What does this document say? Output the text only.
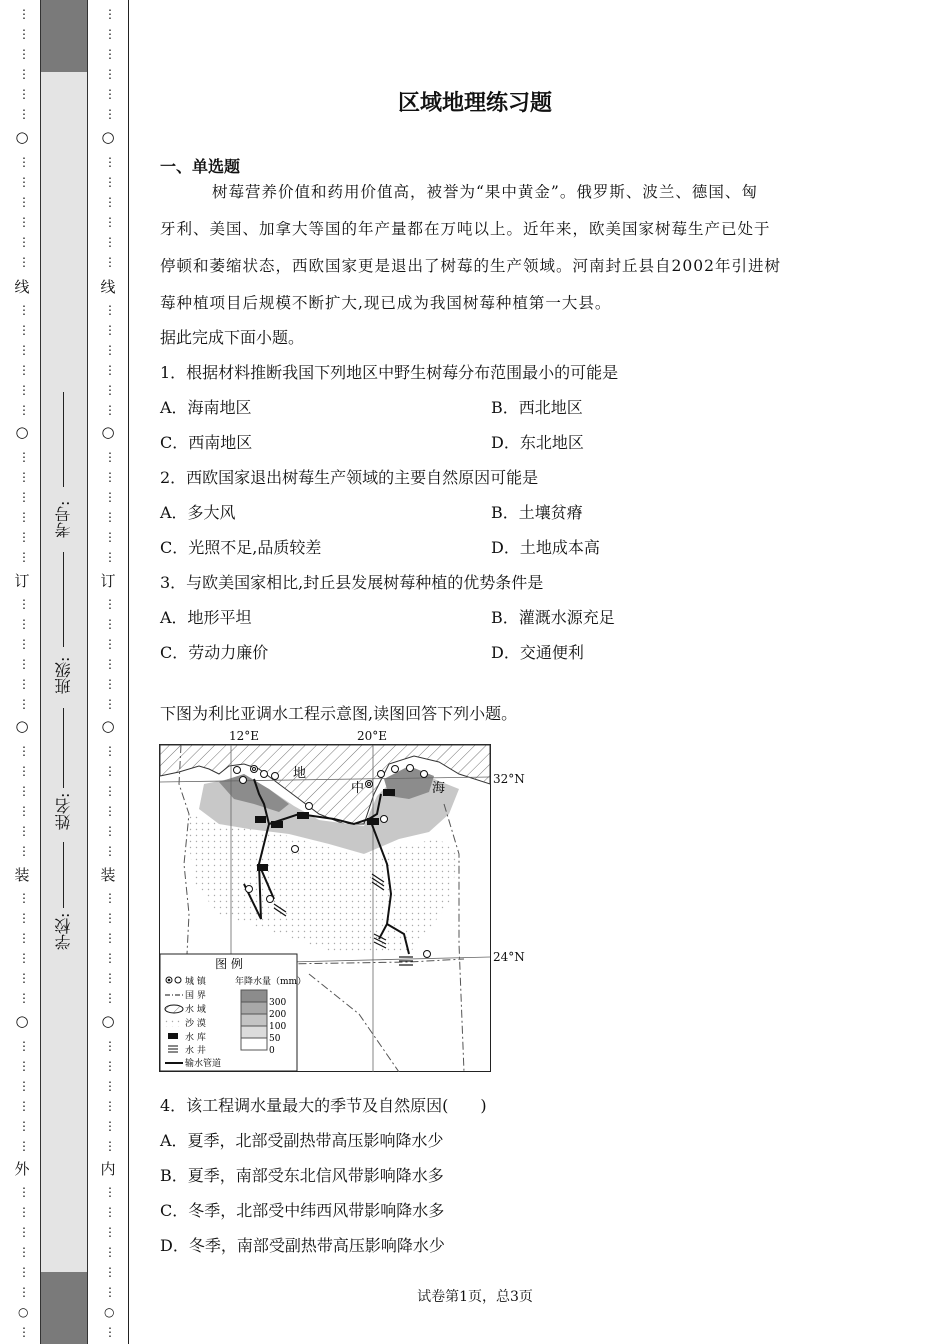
⋮
⋮
⋮
⋮
⋮
⋮
○
⋮
⋮
⋮
⋮
⋮
⋮
线
⋮
⋮
⋮
⋮
⋮
⋮
○
⋮
⋮
⋮
⋮
⋮
⋮
订
⋮
⋮
⋮
⋮
⋮
⋮
○
⋮
⋮
⋮
⋮
⋮
⋮
装
⋮
⋮
⋮
⋮
⋮
⋮
○
⋮
⋮
⋮
⋮
⋮
⋮
外
⋮
⋮
⋮
⋮
⋮
⋮
○
⋮
考号:
班级:
姓名:
学校:
⋮
⋮
⋮
⋮
⋮
⋮
○
⋮
⋮
⋮
⋮
⋮
⋮
线
⋮
⋮
⋮
⋮
⋮
⋮
○
⋮
⋮
⋮
⋮
⋮
⋮
订
⋮
⋮
⋮
⋮
⋮
⋮
○
⋮
⋮
⋮
⋮
⋮
⋮
装
⋮
⋮
⋮
⋮
⋮
⋮
○
⋮
⋮
⋮
⋮
⋮
⋮
内
⋮
⋮
⋮
⋮
⋮
⋮
○
⋮
区域地理练习题
一、单选题
树莓营养价值和药用价值高，被誉为“果中黄金”。俄罗斯、波兰、德国、匈
牙利、美国、加拿大等国的年产量都在万吨以上。近年来，欧美国家树莓生产已处于
停顿和萎缩状态，西欧国家更是退出了树莓的生产领域。河南封丘县自2002年引进树
莓种植项目后规模不断扩大,现已成为我国树莓种植第一大县。
据此完成下面小题。
1．根据材料推断我国下列地区中野生树莓分布范围最小的可能是
A．海南地区	B．西北地区
C．西南地区	D．东北地区
2．西欧国家退出树莓生产领域的主要自然原因可能是
A．多大风	B．土壤贫瘠
C．光照不足,品质较差	D．土地成本高
3．与欧美国家相比,封丘县发展树莓种植的优势条件是
A．地形平坦	B．灌溉水源充足
C．劳动力廉价	D．交通便利
下图为利比亚调水工程示意图,读图回答下列小题。
地
中	海
图 例
城 镇
国 界
水 域
沙 漠
水 库
水 井
输水管道
年降水量（mm）
300
200
100
50
0
12°E	20°E
32°N
24°N
4．该工程调水量最大的季节及自然原因(　　)
A．夏季，北部受副热带高压影响降水少
B．夏季，南部受东北信风带影响降水多
C．冬季，北部受中纬西风带影响降水多
D．冬季，南部受副热带高压影响降水少
试卷第1页，总3页
